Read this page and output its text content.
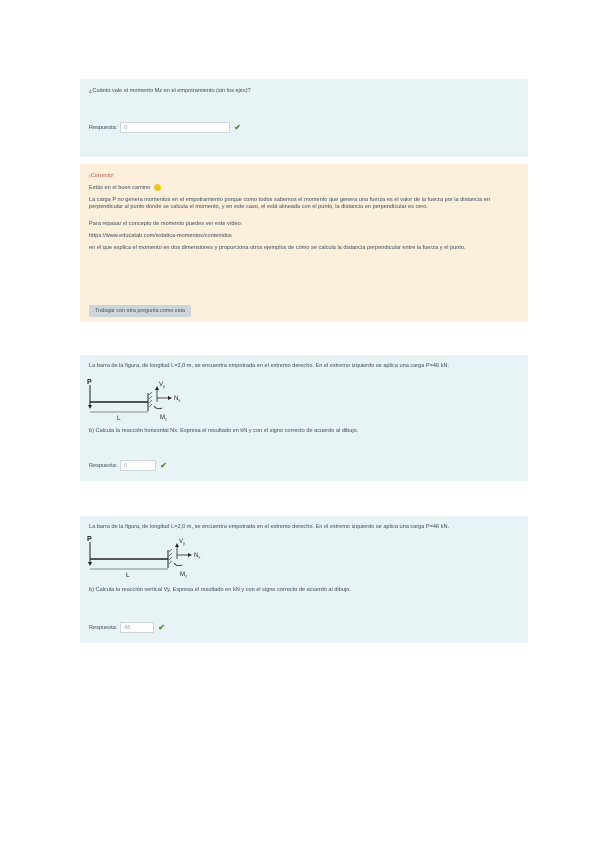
¿Cuánto vale el momento Mz en el empotramiento (sin los ejes)?
Respuesta:	0	✔
¡Correcto!
Estás en el buen camino
La carga P no genera momentos en el empotramiento porque como todos sabemos el momento que genera una fuerza es el valor de la fuerza por la distancia en perpendicular al punto donde se calcula el momento, y en este caso, el está alineada con el punto, la distancia en perpendicular es cero.
Para repasar el concepto de momento puedes ver este vídeo:
https://www.educatab.com/estatica-momentos/contenidos
en el que explica el momento en dos dimensiones y proporciona otros ejemplos de cómo se calcula la distancia perpendicular entre la fuerza y el punto.
Trabajar con otra pregunta como esta
La barra de la figura, de longitud L=2,0 m, se encuentra empotrada en el extremo derecho. En el extremo izquierdo se aplica una carga P=46 kN.
P	$V_y$
$N_x$
$M_z$
L
b) Calcula la reacción horizontal Nx. Expresa el resultado en kN y con el signo correcto de acuerdo al dibujo.
Respuesta:	0	✔
La barra de la figura, de longitud L=2,0 m, se encuentra empotrada en el extremo derecho. En el extremo izquierdo se aplica una carga P=46 kN.
P	$V_y$
$N_x$
$M_z$
L
b) Calcula la reacción vertical Vy. Expresa el resultado en kN y con el signo correcto de acuerdo al dibujo.
Respuesta:	46	✔
